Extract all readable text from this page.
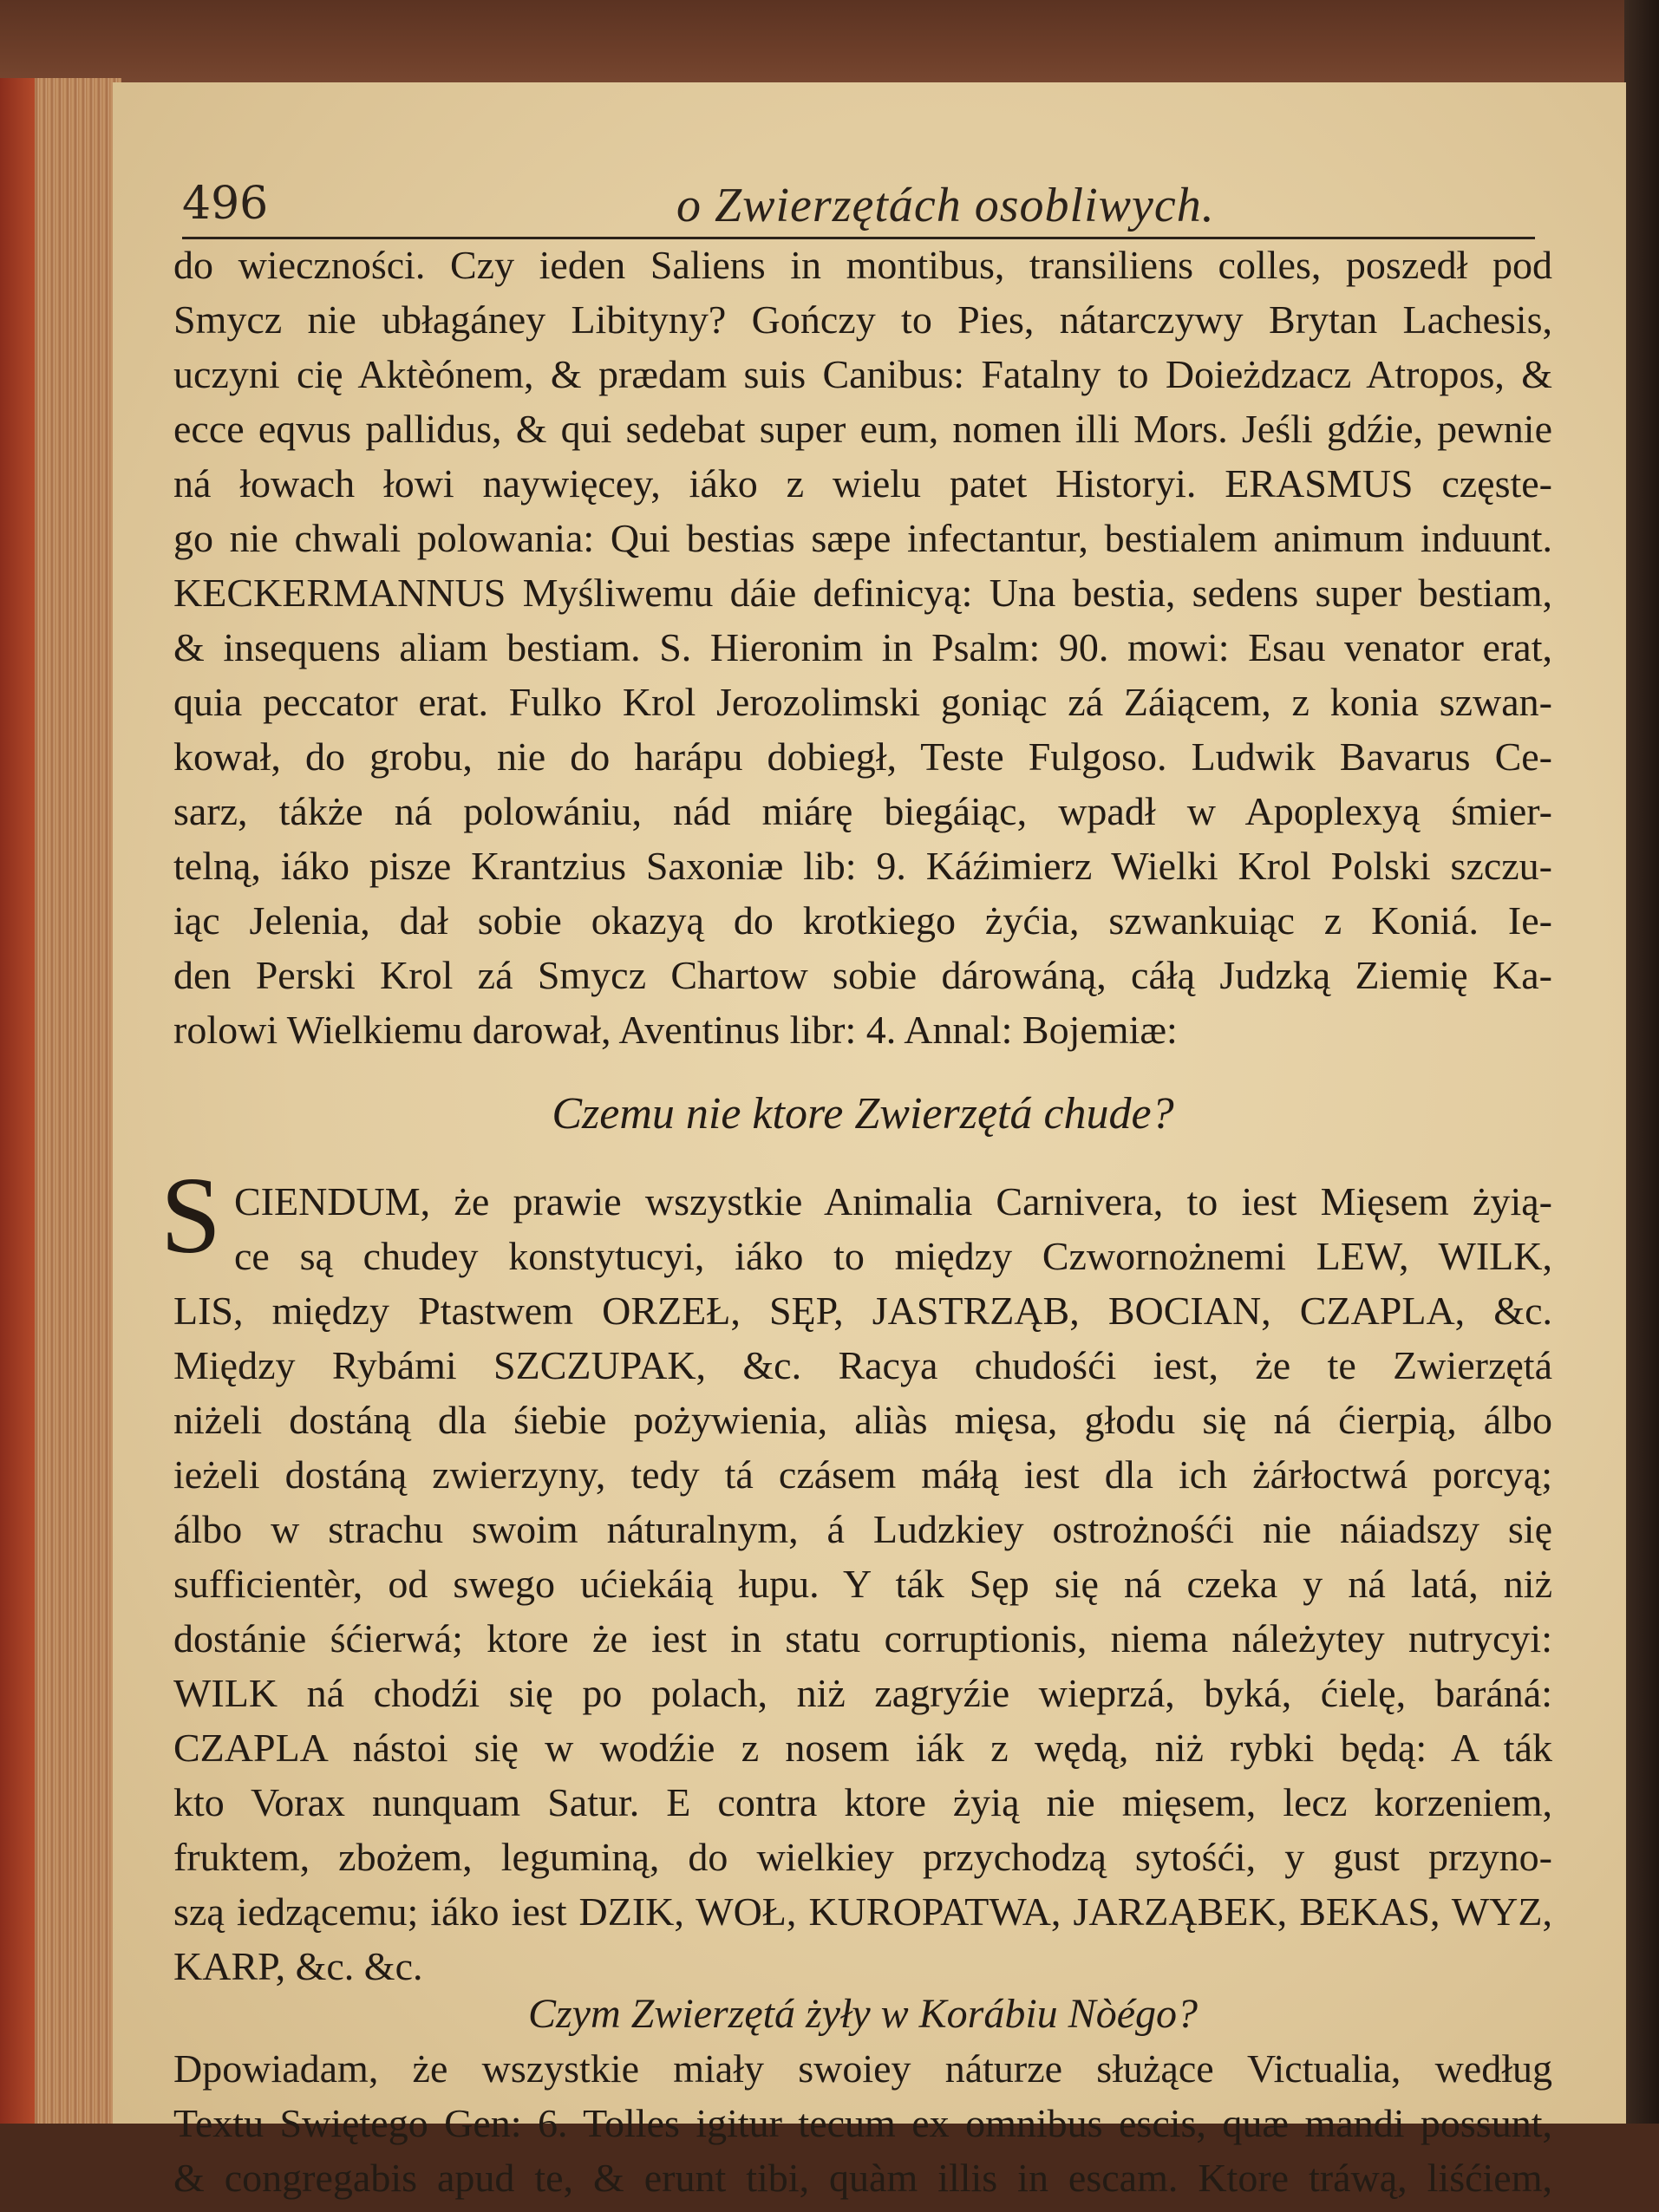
496	o Zwierzętách osobliwych.
do wieczności. Czy ieden Saliens in montibus, transiliens colles, poszedł pod
Smycz nie ubłagáney Libityny? Gończy to Pies, nátarczywy Brytan Lachesis,
uczyni cię Aktèónem, & prædam suis Canibus: Fatalny to Doieżdzacz Atropos, &
ecce eqvus pallidus, & qui sedebat super eum, nomen illi Mors. Jeśli gdźie, pewnie
ná łowach łowi naywięcey, iáko z wielu patet Historyi. ERASMUS częste-
go nie chwali polowania: Qui bestias sæpe infectantur, bestialem animum induunt.
KECKERMANNUS Myśliwemu dáie definicyą: Una bestia, sedens super bestiam,
& insequens aliam bestiam. S. Hieronim in Psalm: 90. mowi: Esau venator erat,
quia peccator erat. Fulko Krol Jerozolimski goniąc zá Záiącem, z konia szwan-
kował, do grobu, nie do harápu dobiegł, Teste Fulgoso. Ludwik Bavarus Ce-
sarz, tákże ná polowániu, nád miárę biegáiąc, wpadł w Apoplexyą śmier-
telną, iáko pisze Krantzius Saxoniæ lib: 9. Káźimierz Wielki Krol Polski szczu-
iąc Jelenia, dał sobie okazyą do krotkiego żyćia, szwankuiąc z Koniá. Ie-
den Perski Krol zá Smycz Chartow sobie dárowáną, cáłą Judzką Ziemię Ka-
rolowi Wielkiemu darował, Aventinus libr: 4. Annal: Bojemiæ:
Czemu nie ktore Zwierzętá chude?
S CIENDUM, że prawie wszystkie Animalia Carnivera, to iest Mięsem żyią-
ce są chudey konstytucyi, iáko to między Czwornożnemi LEW, WILK,
LIS, między Ptastwem ORZEŁ, SĘP, JASTRZĄB, BOCIAN, CZAPLA, &c.
Między Rybámi SZCZUPAK, &c. Racya chudośći iest, że te Zwierzętá
niżeli dostáną dla śiebie pożywienia, aliàs mięsa, głodu się ná ćierpią, álbo
ieżeli dostáną zwierzyny, tedy tá czásem máłą iest dla ich żárłoctwá porcyą;
álbo w strachu swoim náturalnym, á Ludzkiey ostrożnośći nie náiadszy się
sufficientèr, od swego ućiekáią łupu. Y ták Sęp się ná czeka y ná latá, niż
dostánie śćierwá; ktore że iest in statu corruptionis, niema náleżytey nutrycyi:
WILK ná chodźi się po polach, niż zagryźie wieprzá, byká, ćielę, baráná:
CZAPLA nástoi się w wodźie z nosem iák z wędą, niż rybki będą: A ták
kto Vorax nunquam Satur. E contra ktore żyią nie mięsem, lecz korzeniem,
fruktem, zbożem, leguminą, do wielkiey przychodzą sytośći, y gust przyno-
szą iedzącemu; iáko iest DZIK, WOŁ, KUROPATWA, JARZĄBEK, BEKAS, WYZ,
KARP, &c. &c.
Czym Zwierzętá żyły w Korábiu Nòégo?
Dpowiadam, że wszystkie miały swoiey náturze służące Victualia, według
Textu Swiętego Gen: 6. Tolles igitur tecum ex omnibus escis, quæ mandi possunt,
& congregabis apud te, & erunt tibi, quàm illis in escam. Ktore tráwą, liśćiem,
